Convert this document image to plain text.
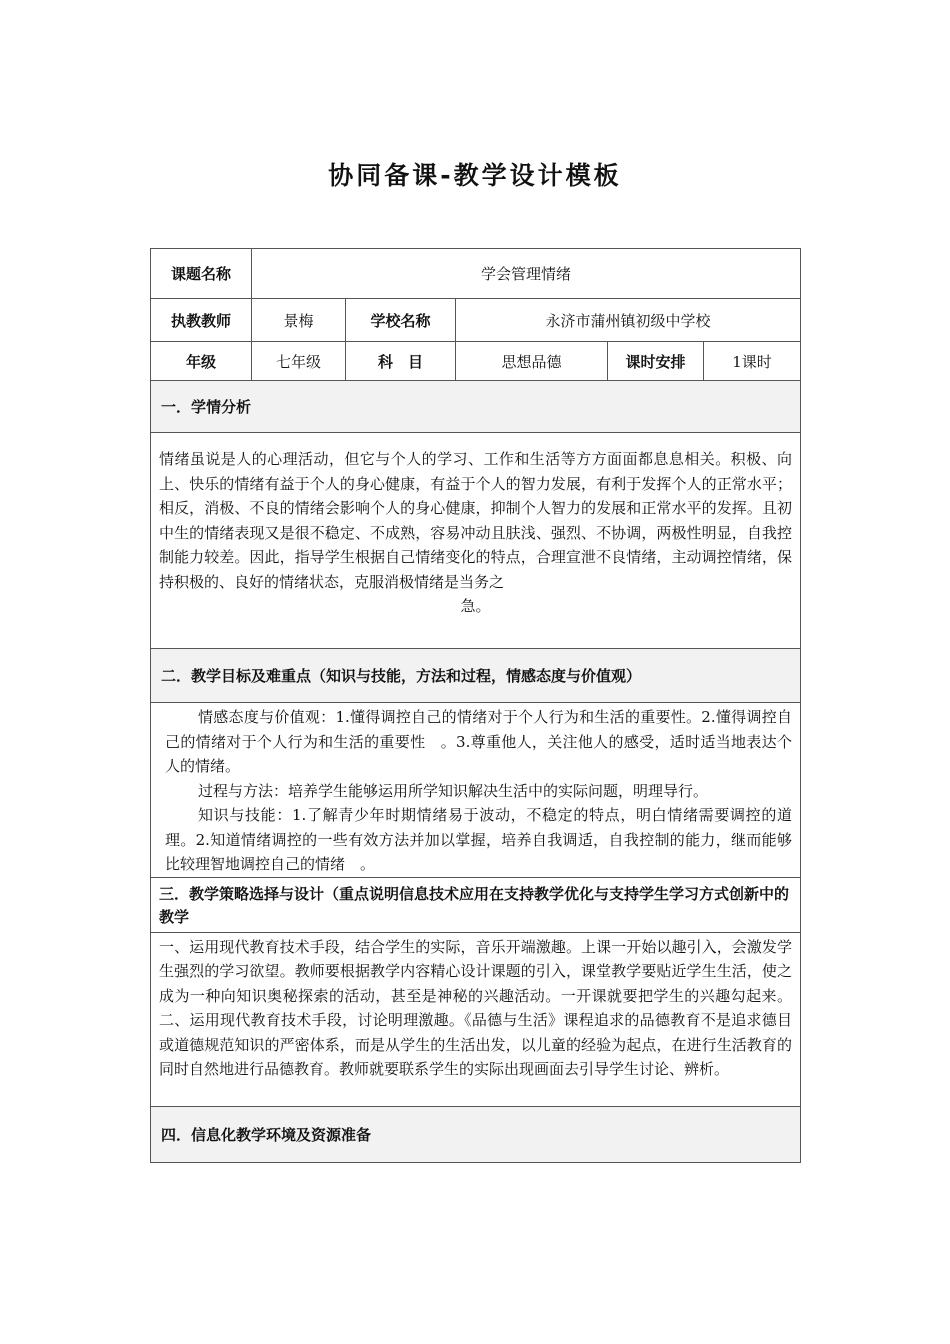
协同备课-教学设计模板
课题名称	学会管理情绪				
执教教师	景梅	学校名称	永济市蒲州镇初级中学校		
年级	七年级	科　目	思想品德	课时安排	1课时
一．学情分析					
情绪虽说是人的心理活动，但它与个人的学习、工作和生活等方方面面都息息相关。积极、向上、快乐的情绪有益于个人的身心健康，有益于个人的智力发展，有利于发挥个人的正常水平；相反，消极、不良的情绪会影响个人的身心健康，抑制个人智力的发展和正常水平的发挥。且初中生的情绪表现又是很不稳定、不成熟，容易冲动且肤浅、强烈、不协调，两极性明显，自我控制能力较差。因此，指导学生根据自己情绪变化的特点，合理宣泄不良情绪，主动调控情绪，保持积极的、良好的情绪状态，克服消极情绪是当务之
急。					

二．教学目标及难重点（知识与技能，方法和过程，情感态度与价值观）					

情感态度与价值观：1.懂得调控自己的情绪对于个人行为和生活的重要性。2.懂得调控自己的情绪对于个人行为和生活的重要性　。3.尊重他人，关注他人的感受，适时适当地表达个人的情绪。

过程与方法：培养学生能够运用所学知识解决生活中的实际问题，明理导行。

知识与技能：1.了解青少年时期情绪易于波动，不稳定的特点，明白情绪需要调控的道理。2.知道情绪调控的一些有效方法并加以掌握，培养自我调适，自我控制的能力，继而能够比较理智地调控自己的情绪　。					

三．教学策略选择与设计（重点说明信息技术应用在支持教学优化与支持学生学习方式创新中的教学					
一、运用现代教育技术手段，结合学生的实际，音乐开端激趣。上课一开始以趣引入，会激发学生强烈的学习欲望。教师要根据教学内容精心设计课题的引入，课堂教学要贴近学生生活，使之成为一种向知识奥秘探索的活动，甚至是神秘的兴趣活动。一开课就要把学生的兴趣勾起来。二、运用现代教育技术手段，讨论明理激趣。《品德与生活》课程追求的品德教育不是追求德目或道德规范知识的严密体系，而是从学生的生活出发，以儿童的经验为起点，在进行生活教育的同时自然地进行品德教育。教师就要联系学生的实际出现画面去引导学生讨论、辨析。					
四．信息化教学环境及资源准备					
